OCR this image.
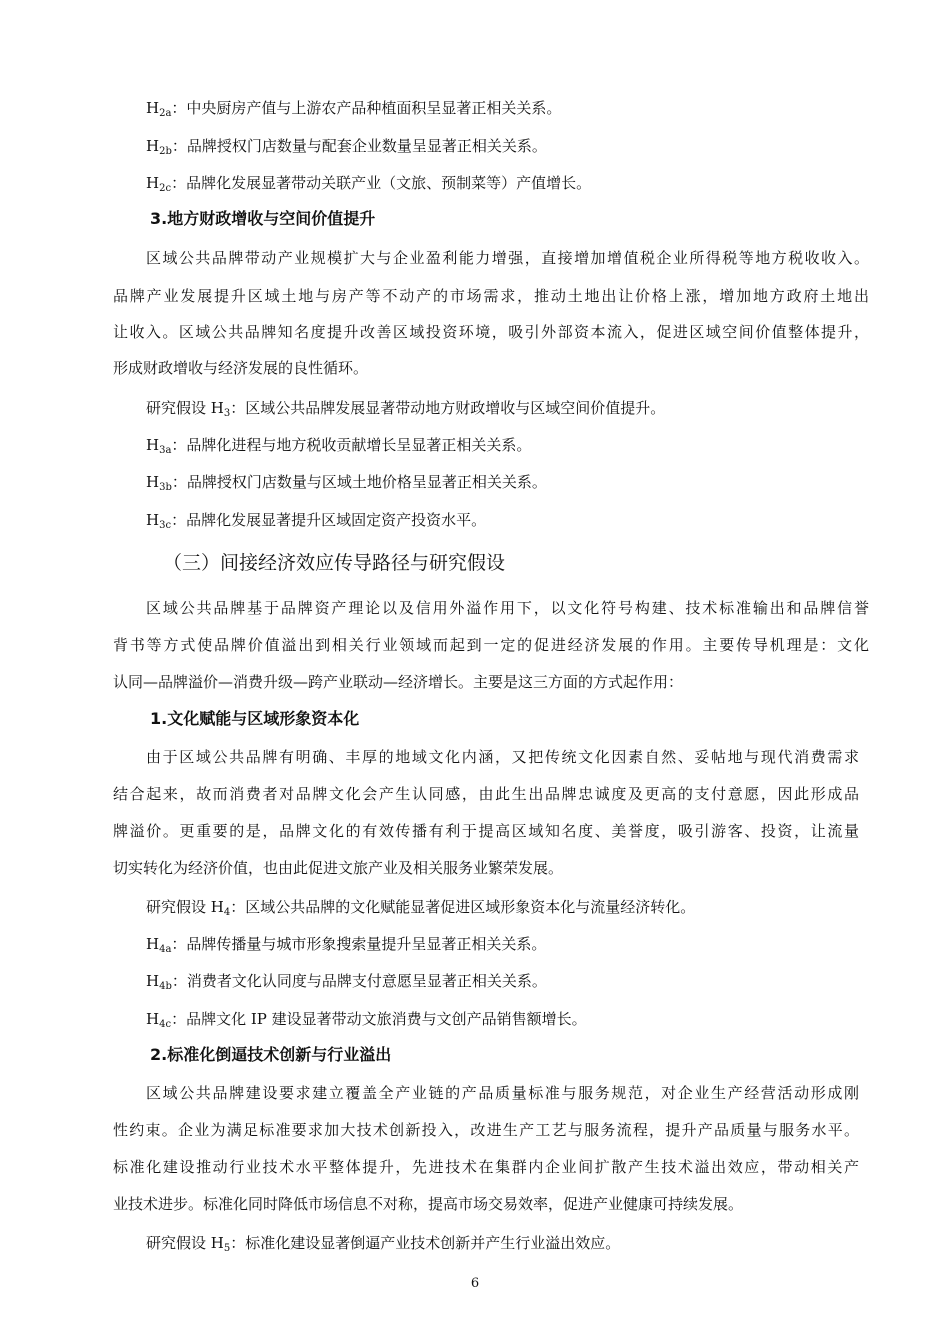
$H_{2a}$：中央厨房产值与上游农产品种植面积呈显著正相关关系。
$H_{2b}$：品牌授权门店数量与配套企业数量呈显著正相关关系。
$H_{2c}$：品牌化发展显著带动关联产业（文旅、预制菜等）产值增长。
3.地方财政增收与空间价值提升
区域公共品牌带动产业规模扩大与企业盈利能力增强，直接增加增值税企业所得税等地方税收收入。
品牌产业发展提升区域土地与房产等不动产的市场需求，推动土地出让价格上涨，增加地方政府土地出
让收入。区域公共品牌知名度提升改善区域投资环境，吸引外部资本流入，促进区域空间价值整体提升，
形成财政增收与经济发展的良性循环。
研究假设 $H_3$：区域公共品牌发展显著带动地方财政增收与区域空间价值提升。
$H_{3a}$：品牌化进程与地方税收贡献增长呈显著正相关关系。
$H_{3b}$：品牌授权门店数量与区域土地价格呈显著正相关关系。
$H_{3c}$：品牌化发展显著提升区域固定资产投资水平。
（三）间接经济效应传导路径与研究假设
区域公共品牌基于品牌资产理论以及信用外溢作用下，以文化符号构建、技术标准输出和品牌信誉
背书等方式使品牌价值溢出到相关行业领域而起到一定的促进经济发展的作用。主要传导机理是：文化
认同—品牌溢价—消费升级—跨产业联动—经济增长。主要是这三方面的方式起作用：
1.文化赋能与区域形象资本化
由于区域公共品牌有明确、丰厚的地域文化内涵，又把传统文化因素自然、妥帖地与现代消费需求
结合起来，故而消费者对品牌文化会产生认同感，由此生出品牌忠诚度及更高的支付意愿，因此形成品
牌溢价。更重要的是，品牌文化的有效传播有利于提高区域知名度、美誉度，吸引游客、投资，让流量
切实转化为经济价值，也由此促进文旅产业及相关服务业繁荣发展。
研究假设 $H_4$：区域公共品牌的文化赋能显著促进区域形象资本化与流量经济转化。
$H_{4a}$：品牌传播量与城市形象搜索量提升呈显著正相关关系。
$H_{4b}$：消费者文化认同度与品牌支付意愿呈显著正相关关系。
$H_{4c}$：品牌文化 IP 建设显著带动文旅消费与文创产品销售额增长。
2.标准化倒逼技术创新与行业溢出
区域公共品牌建设要求建立覆盖全产业链的产品质量标准与服务规范，对企业生产经营活动形成刚
性约束。企业为满足标准要求加大技术创新投入，改进生产工艺与服务流程，提升产品质量与服务水平。
标准化建设推动行业技术水平整体提升，先进技术在集群内企业间扩散产生技术溢出效应，带动相关产
业技术进步。标准化同时降低市场信息不对称，提高市场交易效率，促进产业健康可持续发展。
研究假设 $H_5$：标准化建设显著倒逼产业技术创新并产生行业溢出效应。
6
